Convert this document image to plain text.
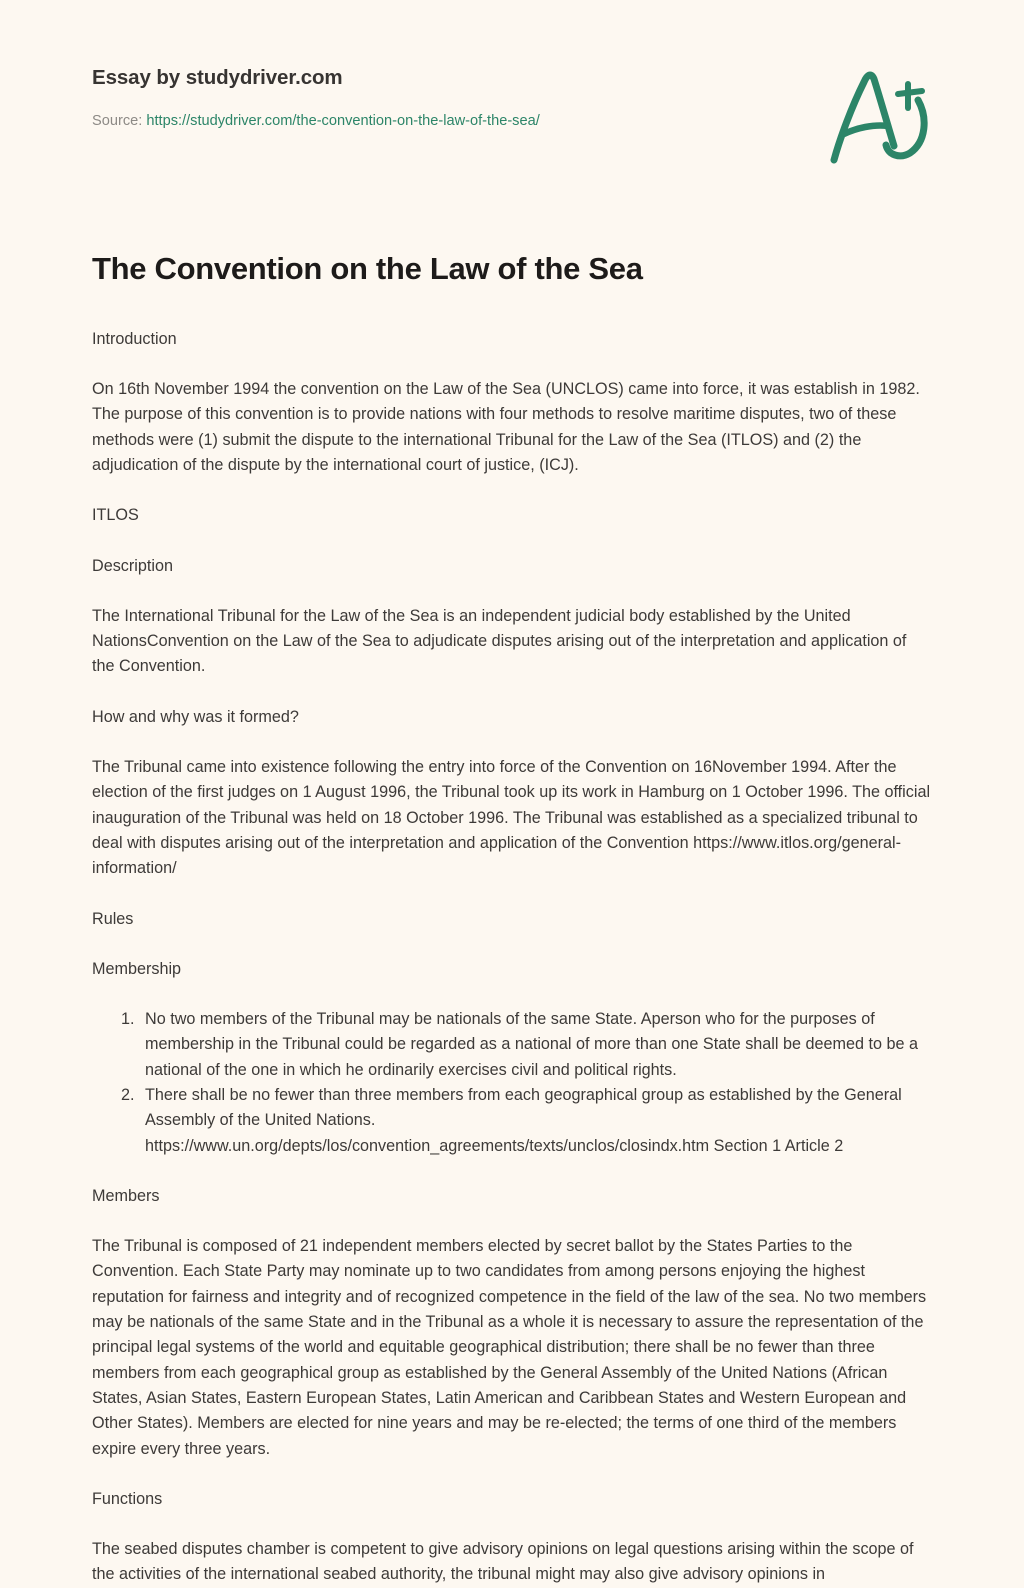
Essay by studydriver.com
Source: https://studydriver.com/the-convention-on-the-law-of-the-sea/
The Convention on the Law of the Sea

Introduction

On 16th November 1994 the convention on the Law of the Sea (UNCLOS) came into force, it was establish in 1982. The purpose of this convention is to provide nations with four methods to resolve maritime disputes, two of these methods were (1) submit the dispute to the international Tribunal for the Law of the Sea (ITLOS) and (2) the adjudication of the dispute by the international court of justice, (ICJ).

ITLOS

Description

The International Tribunal for the Law of the Sea is an independent judicial body established by the United NationsConvention on the Law of the Sea to adjudicate disputes arising out of the interpretation and application of the Convention.

How and why was it formed?

The Tribunal came into existence following the entry into force of the Convention on 16November 1994. After the election of the first judges on 1 August 1996, the Tribunal took up its work in Hamburg on 1 October 1996. The official inauguration of the Tribunal was held on 18 October 1996. The Tribunal was established as a specialized tribunal to deal with disputes arising out of the interpretation and application of the Convention https://www.itlos.org/general-information/

Rules

Membership

1. No two members of the Tribunal may be nationals of the same State. Aperson who for the purposes of membership in the Tribunal could be regarded as a national of more than one State shall be deemed to be a national of the one in which he ordinarily exercises civil and political rights.
2. There shall be no fewer than three members from each geographical group as established by the General Assembly of the United Nations.
https://www.un.org/depts/los/convention_agreements/texts/unclos/closindx.htm Section 1 Article 2

Members

The Tribunal is composed of 21 independent members elected by secret ballot by the States Parties to the Convention. Each State Party may nominate up to two candidates from among persons enjoying the highest reputation for fairness and integrity and of recognized competence in the field of the law of the sea. No two members may be nationals of the same State and in the Tribunal as a whole it is necessary to assure the representation of the principal legal systems of the world and equitable geographical distribution; there shall be no fewer than three members from each geographical group as established by the General Assembly of the United Nations (African States, Asian States, Eastern European States, Latin American and Caribbean States and Western European and Other States). Members are elected for nine years and may be re-elected; the terms of one third of the members expire every three years.

Functions

The seabed disputes chamber is competent to give advisory opinions on legal questions arising within the scope of the activities of the international seabed authority, the tribunal might may also give advisory opinions in
